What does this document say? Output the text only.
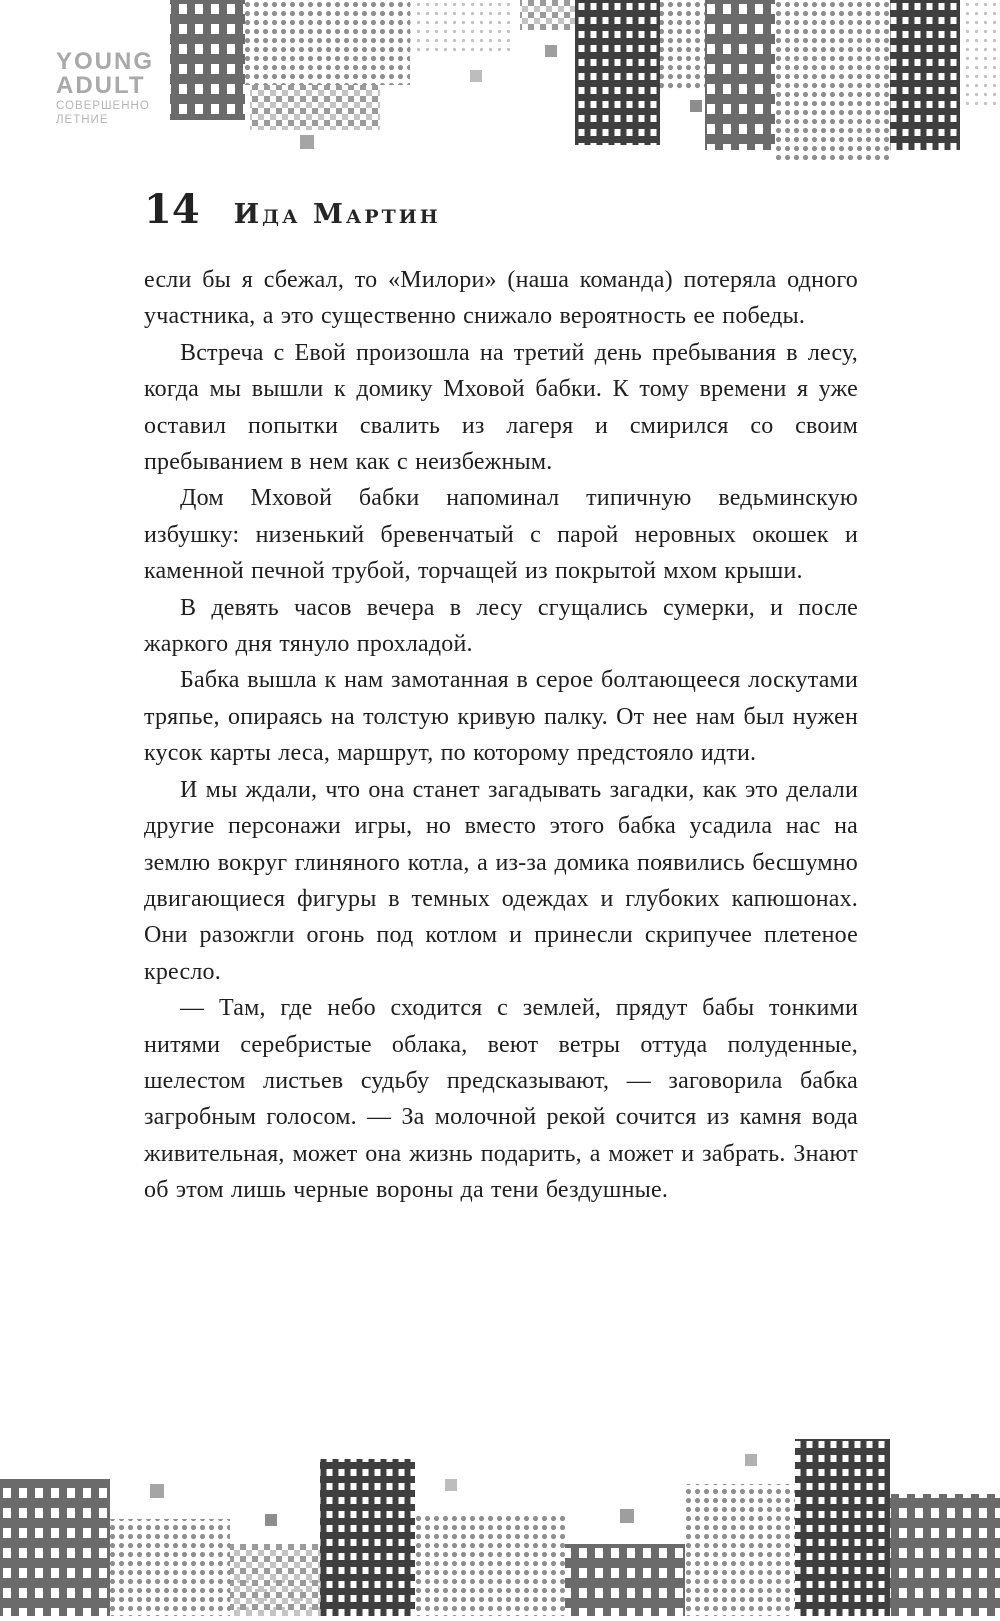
YOUNG
ADULT
СОВЕРШЕННО
ЛЕТНИЕ
14 Ида Мартин

если бы я сбежал, то «Милори» (наша команда) потеряла одного участника, а это существенно снижало вероятность ее победы.

Встреча с Евой произошла на третий день пребывания в лесу, когда мы вышли к домику Мховой бабки. К тому времени я уже оставил попытки свалить из лагеря и смирился со своим пребыванием в нем как с неизбежным.

Дом Мховой бабки напоминал типичную ведьминскую избушку: низенький бревенчатый с парой неровных окошек и каменной печной трубой, торчащей из покрытой мхом крыши.

В девять часов вечера в лесу сгущались сумерки, и после жаркого дня тянуло прохладой.

Бабка вышла к нам замотанная в серое болтающееся лоскутами тряпье, опираясь на толстую кривую палку. От нее нам был нужен кусок карты леса, маршрут, по которому предстояло идти.

И мы ждали, что она станет загадывать загадки, как это делали другие персонажи игры, но вместо этого бабка усадила нас на землю вокруг глиняного котла, а из-за домика появились бесшумно двигающиеся фигуры в темных одеждах и глубоких капюшонах. Они разожгли огонь под котлом и принесли скрипучее плетеное кресло.

— Там, где небо сходится с землей, прядут бабы тонкими нитями серебристые облака, веют ветры оттуда полуденные, шелестом листьев судьбу предсказывают, — заговорила бабка загробным голосом. — За молочной рекой сочится из камня вода живительная, может она жизнь подарить, а может и забрать. Знают об этом лишь черные вороны да тени бездушные.
